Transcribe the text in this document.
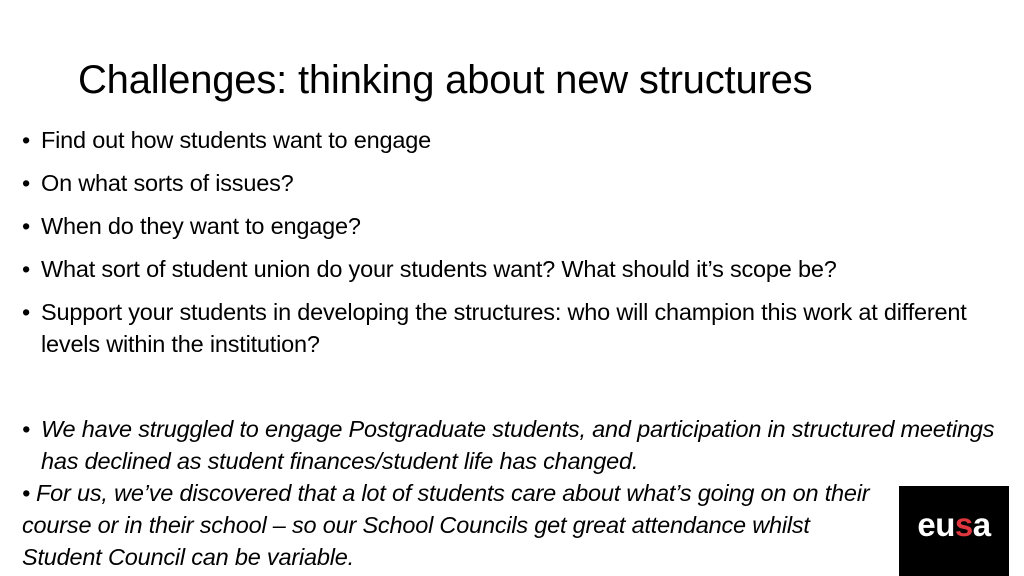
Challenges: thinking about new structures
• Find out how students want to engage
• On what sorts of issues?
• When do they want to engage?
• What sort of student union do your students want? What should it’s scope be?
• Support your students in developing the structures: who will champion this work at different levels within the institution?
• We have struggled to engage Postgraduate students, and participation in structured meetings has declined as student finances/student life has changed.
• For us, we’ve discovered that a lot of students care about what’s going on on their course or in their school – so our School Councils get great attendance whilst Student Council can be variable.
eusa
